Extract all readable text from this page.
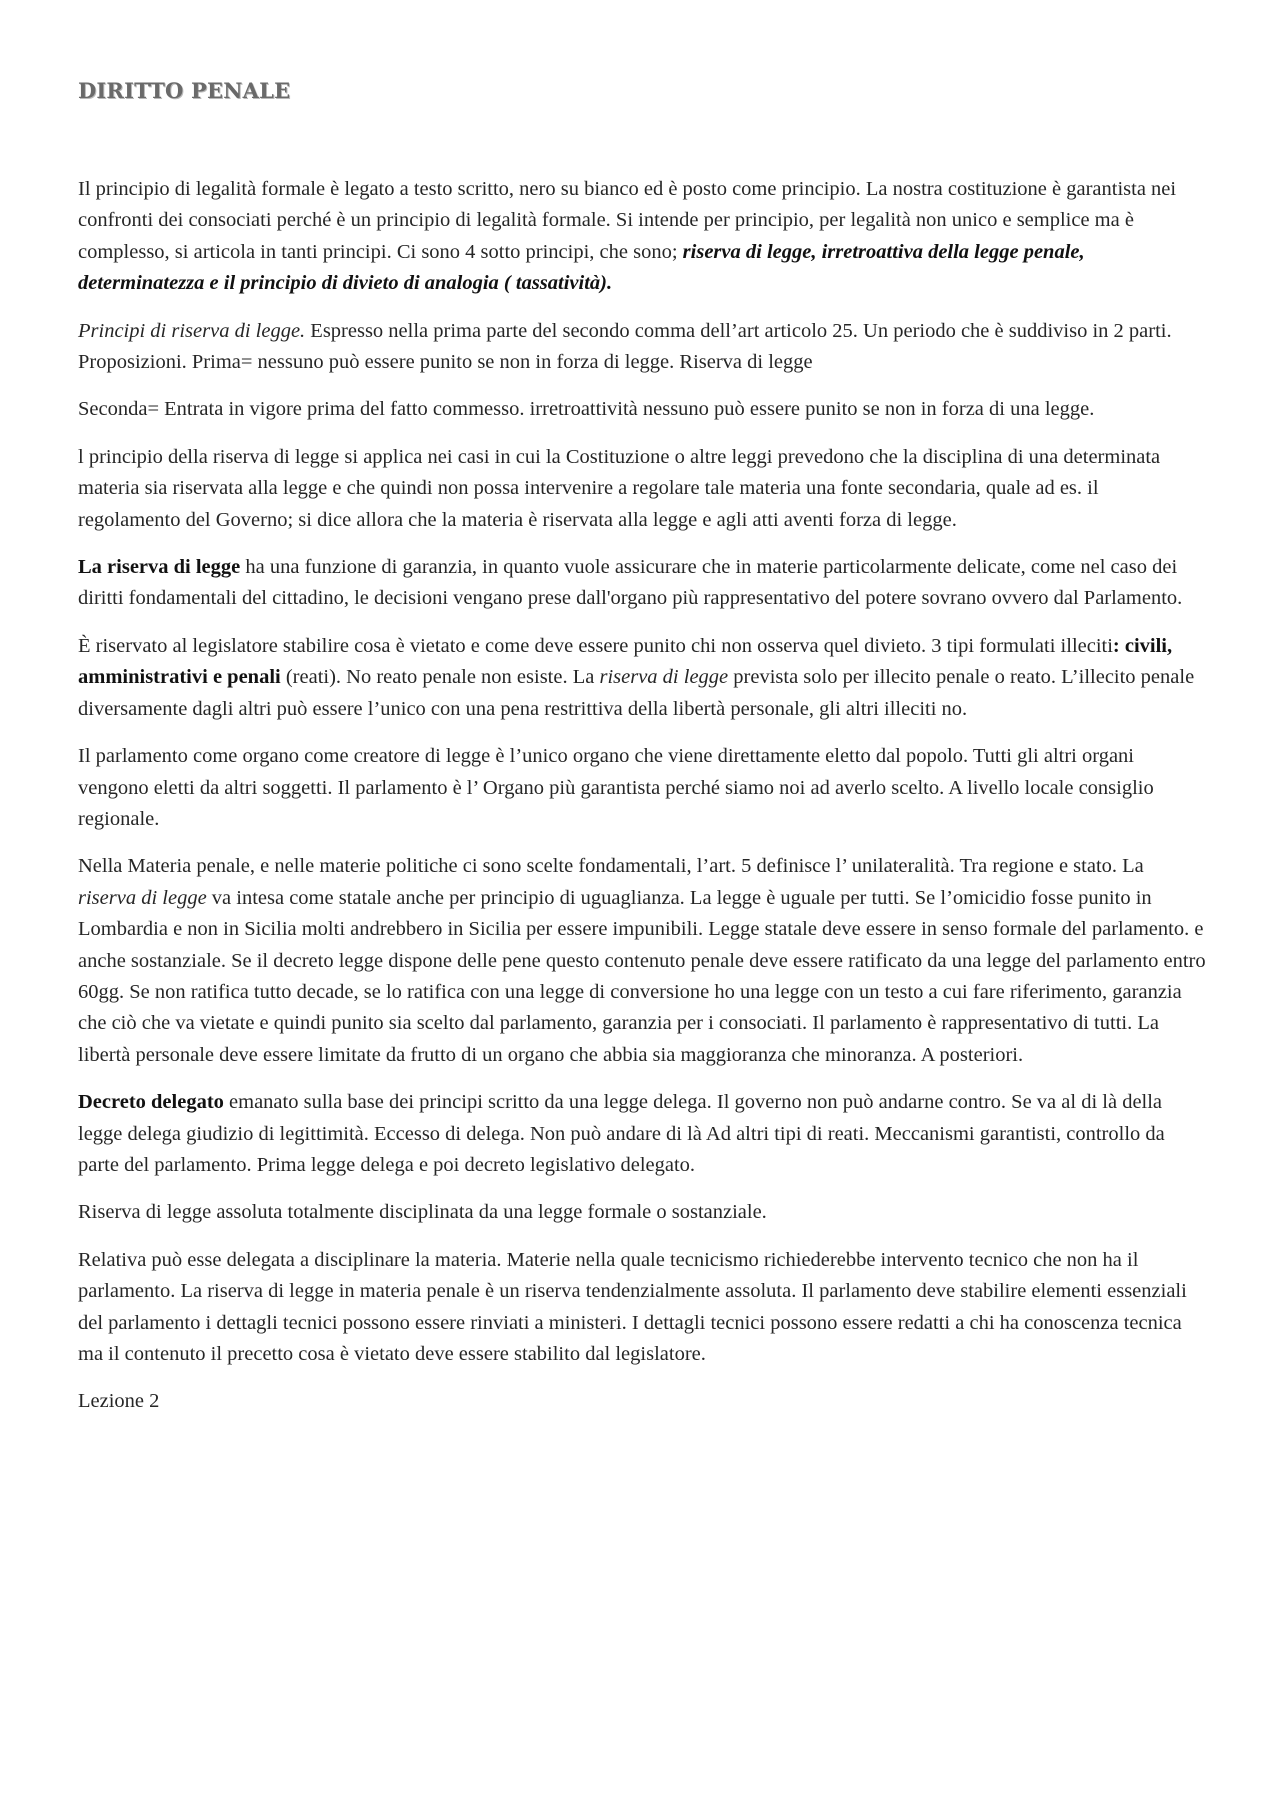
DIRITTO PENALE

Il principio di legalità formale è legato a testo scritto, nero su bianco ed è posto come principio. La nostra costituzione è garantista nei confronti dei consociati perché è un principio di legalità formale. Si intende per principio, per legalità non unico e semplice ma è complesso, si articola in tanti principi. Ci sono 4 sotto principi, che sono; riserva di legge, irretroattiva della legge penale, determinatezza e il principio di divieto di analogia ( tassatività).

Principi di riserva di legge. Espresso nella prima parte del secondo comma dell’art articolo 25. Un periodo che è suddiviso in 2 parti. Proposizioni. Prima= nessuno può essere punito se non in forza di legge. Riserva di legge

Seconda= Entrata in vigore prima del fatto commesso. irretroattività nessuno può essere punito se non in forza di una legge.

l principio della riserva di legge si applica nei casi in cui la Costituzione o altre leggi prevedono che la disciplina di una determinata materia sia riservata alla legge e che quindi non possa intervenire a regolare tale materia una fonte secondaria, quale ad es. il regolamento del Governo; si dice allora che la materia è riservata alla legge e agli atti aventi forza di legge.

La riserva di legge ha una funzione di garanzia, in quanto vuole assicurare che in materie particolarmente delicate, come nel caso dei diritti fondamentali del cittadino, le decisioni vengano prese dall'organo più rappresentativo del potere sovrano ovvero dal Parlamento.

È riservato al legislatore stabilire cosa è vietato e come deve essere punito chi non osserva quel divieto. 3 tipi formulati illeciti: civili, amministrativi e penali (reati). No reato penale non esiste. La riserva di legge prevista solo per illecito penale o reato. L’illecito penale diversamente dagli altri può essere l’unico con una pena restrittiva della libertà personale, gli altri illeciti no.

Il parlamento come organo come creatore di legge è l’unico organo che viene direttamente eletto dal popolo. Tutti gli altri organi vengono eletti da altri soggetti. Il parlamento è l’ Organo più garantista perché siamo noi ad averlo scelto. A livello locale consiglio regionale.

Nella Materia penale, e nelle materie politiche ci sono scelte fondamentali, l’art. 5 definisce l’ unilateralità. Tra regione e stato. La riserva di legge va intesa come statale anche per principio di uguaglianza. La legge è uguale per tutti. Se l’omicidio fosse punito in Lombardia e non in Sicilia molti andrebbero in Sicilia per essere impunibili. Legge statale deve essere in senso formale del parlamento. e anche sostanziale. Se il decreto legge dispone delle pene questo contenuto penale deve essere ratificato da una legge del parlamento entro 60gg. Se non ratifica tutto decade, se lo ratifica con una legge di conversione ho una legge con un testo a cui fare riferimento, garanzia che ciò che va vietate e quindi punito sia scelto dal parlamento, garanzia per i consociati. Il parlamento è rappresentativo di tutti. La libertà personale deve essere limitate da frutto di un organo che abbia sia maggioranza che minoranza. A posteriori.

Decreto delegato emanato sulla base dei principi scritto da una legge delega. Il governo non può andarne contro. Se va al di là della legge delega giudizio di legittimità. Eccesso di delega. Non può andare di là Ad altri tipi di reati. Meccanismi garantisti, controllo da parte del parlamento. Prima legge delega e poi decreto legislativo delegato.

Riserva di legge assoluta totalmente disciplinata da una legge formale o sostanziale.

Relativa può esse delegata a disciplinare la materia. Materie nella quale tecnicismo richiederebbe intervento tecnico che non ha il parlamento. La riserva di legge in materia penale è un riserva tendenzialmente assoluta. Il parlamento deve stabilire elementi essenziali del parlamento i dettagli tecnici possono essere rinviati a ministeri. I dettagli tecnici possono essere redatti a chi ha conoscenza tecnica ma il contenuto il precetto cosa è vietato deve essere stabilito dal legislatore.

Lezione 2
